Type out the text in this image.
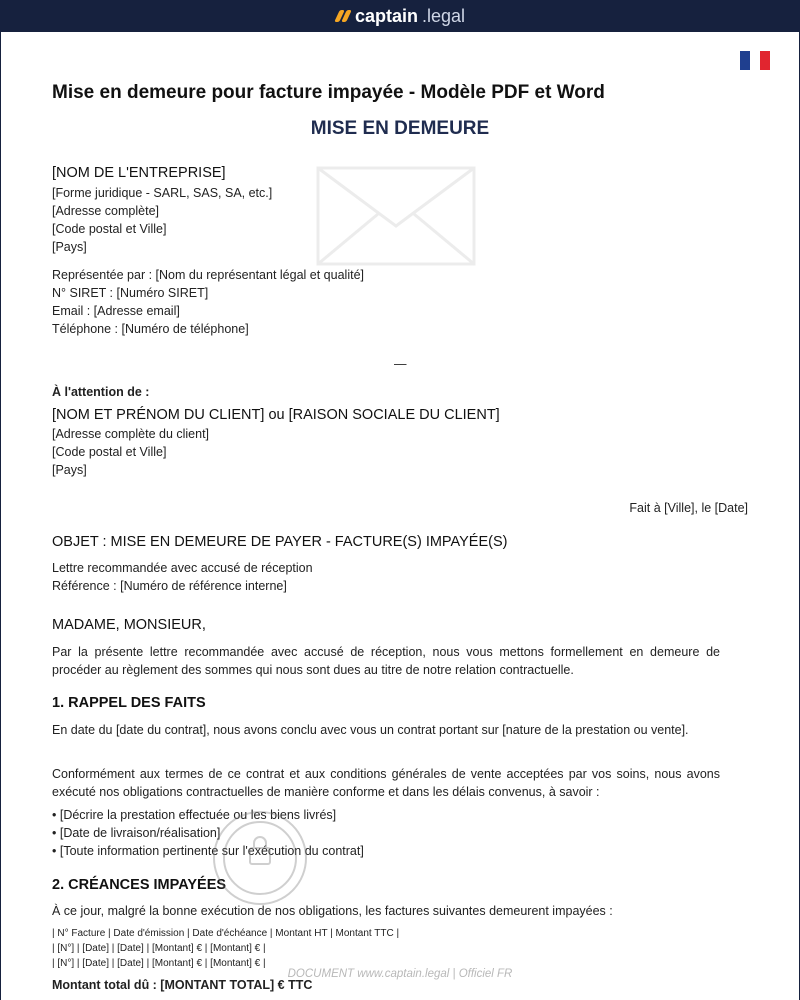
captain .legal
Mise en demeure pour facture impayée - Modèle PDF et Word
MISE EN DEMEURE
[NOM DE L'ENTREPRISE]
[Forme juridique - SARL, SAS, SA, etc.]
[Adresse complète]
[Code postal et Ville]
[Pays]
Représentée par : [Nom du représentant légal et qualité]
N° SIRET : [Numéro SIRET]
Email : [Adresse email]
Téléphone : [Numéro de téléphone]
—
À l'attention de :
[NOM ET PRÉNOM DU CLIENT] ou [RAISON SOCIALE DU CLIENT]
[Adresse complète du client]
[Code postal et Ville]
[Pays]
Fait à [Ville], le [Date]
OBJET : MISE EN DEMEURE DE PAYER - FACTURE(S) IMPAYÉE(S)
Lettre recommandée avec accusé de réception
Référence : [Numéro de référence interne]
MADAME, MONSIEUR,
Par la présente lettre recommandée avec accusé de réception, nous vous mettons formellement en demeure de procéder au règlement des sommes qui nous sont dues au titre de notre relation contractuelle.
1. RAPPEL DES FAITS
En date du [date du contrat], nous avons conclu avec vous un contrat portant sur [nature de la prestation ou vente].
Conformément aux termes de ce contrat et aux conditions générales de vente acceptées par vos soins, nous avons exécuté nos obligations contractuelles de manière conforme et dans les délais convenus, à savoir :
• [Décrire la prestation effectuée ou les biens livrés]
• [Date de livraison/réalisation]
• [Toute information pertinente sur l'exécution du contrat]
2. CRÉANCES IMPAYÉES
À ce jour, malgré la bonne exécution de nos obligations, les factures suivantes demeurent impayées :
| N° Facture | Date d'émission | Date d'échéance | Montant HT | Montant TTC |
| [N°] | [Date] | [Date] | [Montant] € | [Montant] € |
| [N°] | [Date] | [Date] | [Montant] € | [Montant] € |
Montant total dû : [MONTANT TOTAL] € TTC
DOCUMENT www.captain.legal | Officiel FR
